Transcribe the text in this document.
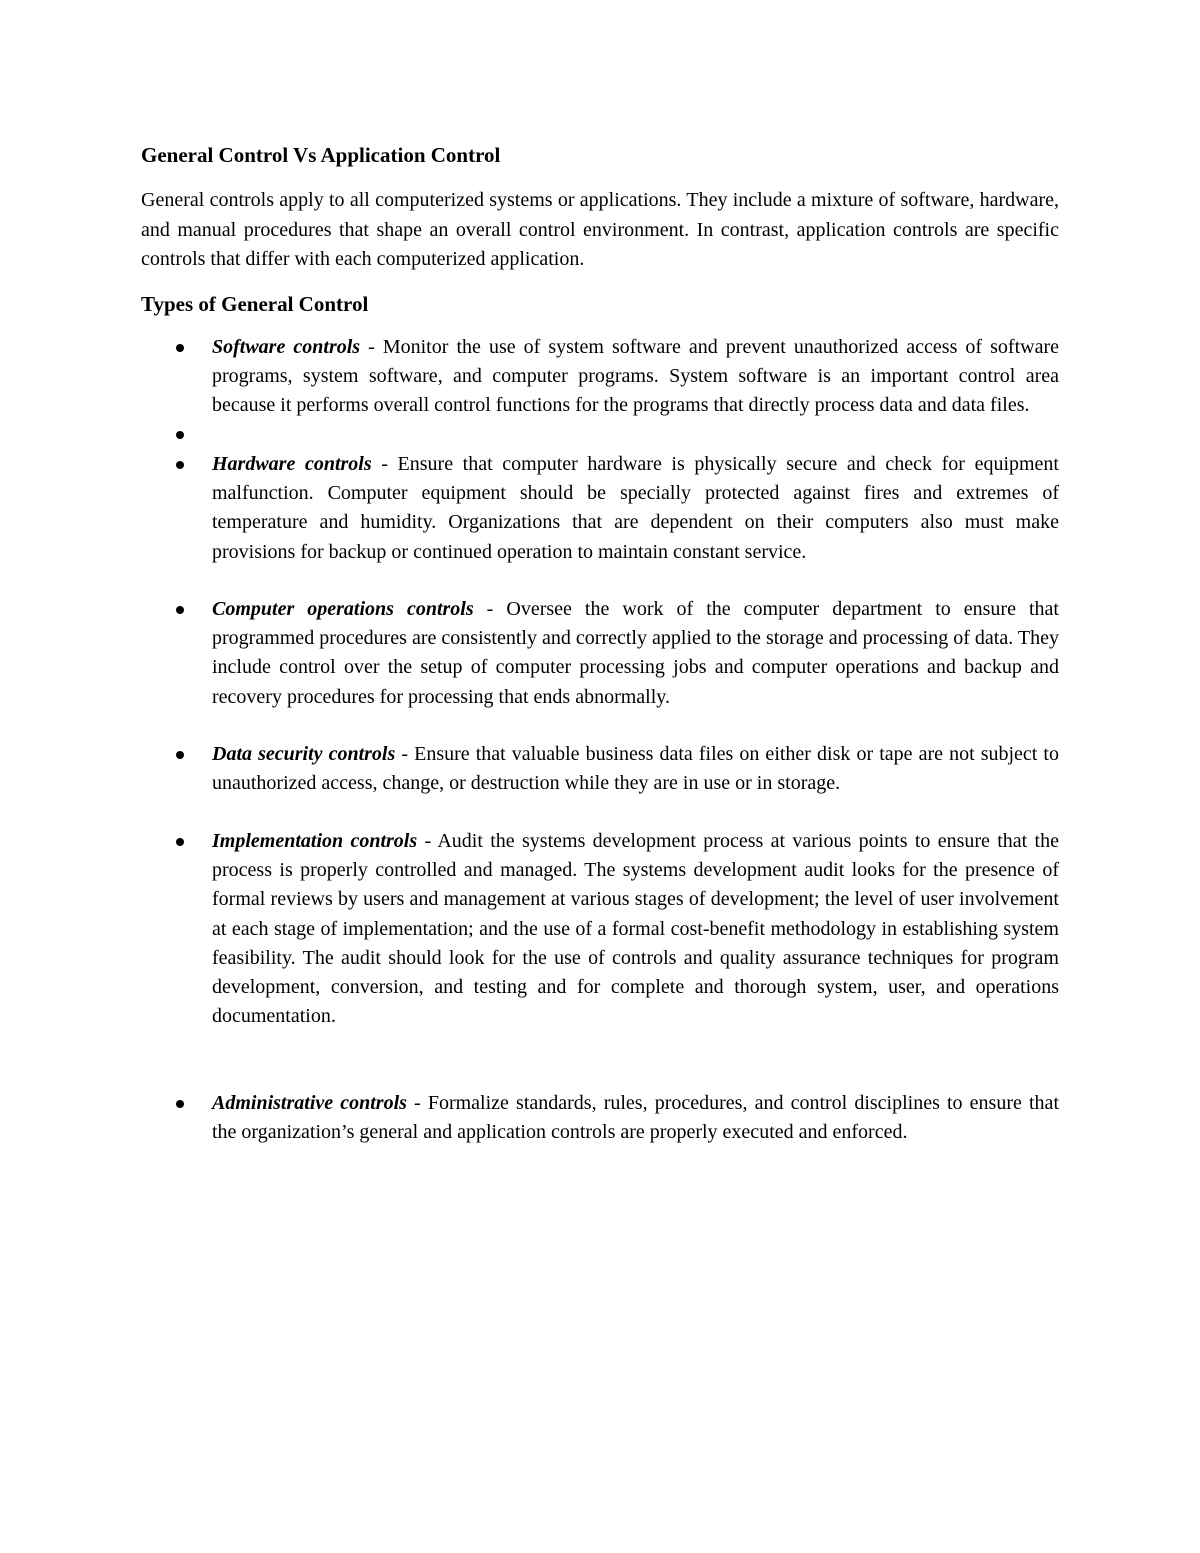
General Control Vs Application Control

General controls apply to all computerized systems or applications. They include a mixture of software, hardware, and manual procedures that shape an overall control environment. In contrast, application controls are specific controls that differ with each computerized application.

Types of General Control
Software controls - Monitor the use of system software and prevent unauthorized access of software programs, system software, and computer programs. System software is an important control area because it performs overall control functions for the programs that directly process data and data files.
Hardware controls - Ensure that computer hardware is physically secure and check for equipment malfunction. Computer equipment should be specially protected against fires and extremes of temperature and humidity. Organizations that are dependent on their computers also must make provisions for backup or continued operation to maintain constant service.
Computer operations controls - Oversee the work of the computer department to ensure that programmed procedures are consistently and correctly applied to the storage and processing of data. They include control over the setup of computer processing jobs and computer operations and backup and recovery procedures for processing that ends abnormally.
Data security controls - Ensure that valuable business data files on either disk or tape are not subject to unauthorized access, change, or destruction while they are in use or in storage.
Implementation controls - Audit the systems development process at various points to ensure that the process is properly controlled and managed. The systems development audit looks for the presence of formal reviews by users and management at various stages of development; the level of user involvement at each stage of implementation; and the use of a formal cost-benefit methodology in establishing system feasibility. The audit should look for the use of controls and quality assurance techniques for program development, conversion, and testing and for complete and thorough system, user, and operations documentation.
Administrative controls - Formalize standards, rules, procedures, and control disciplines to ensure that the organization’s general and application controls are properly executed and enforced.
